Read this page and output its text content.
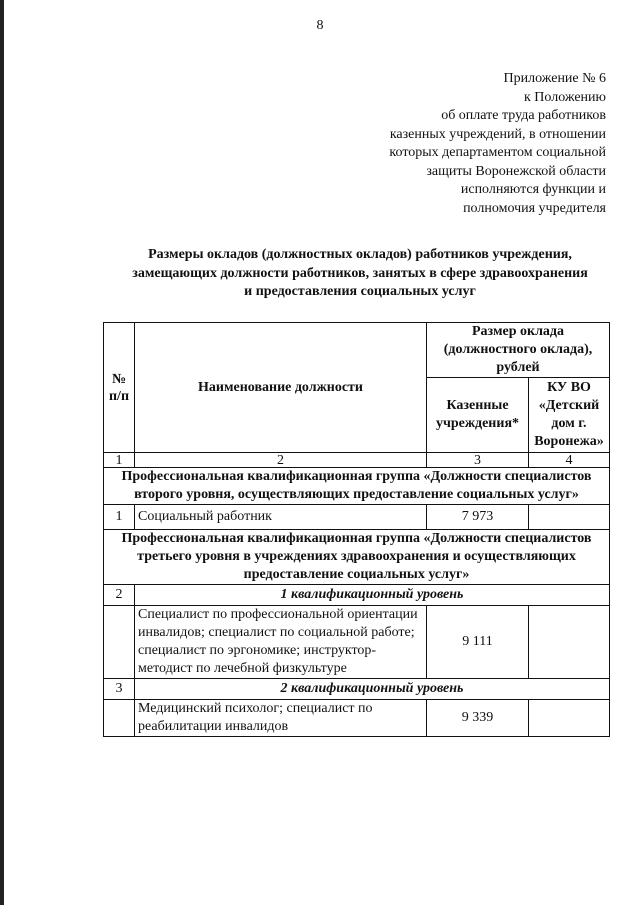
8
Приложение № 6
к Положению
об оплате труда работников
казенных учреждений, в отношении
которых департаментом социальной
защиты Воронежской области
исполняются функции и
полномочия учредителя
Размеры окладов (должностных окладов) работников учреждения,
замещающих должности работников, занятых в сфере здравоохранения
и предоставления социальных услуг
№ п/п	Наименование должности	Размер оклада (должностного оклада), рублей	
		Казенные учреждения*	КУ ВО «Детский дом г. Воронежа»
1	2	3	4
Профессиональная квалификационная группа «Должности специалистов второго уровня, осуществляющих предоставление социальных услуг»			
1	Социальный работник	7 973	
Профессиональная квалификационная группа «Должности специалистов третьего уровня в учреждениях здравоохранения и осуществляющих предоставление социальных услуг»			
2	1 квалификационный уровень		
	Специалист по профессиональной ориентации инвалидов; специалист по социальной работе; специалист по эргономике; инструктор-методист по лечебной физкультуре	9 111	
3	2 квалификационный уровень		
	Медицинский психолог; специалист по реабилитации инвалидов	9 339	
